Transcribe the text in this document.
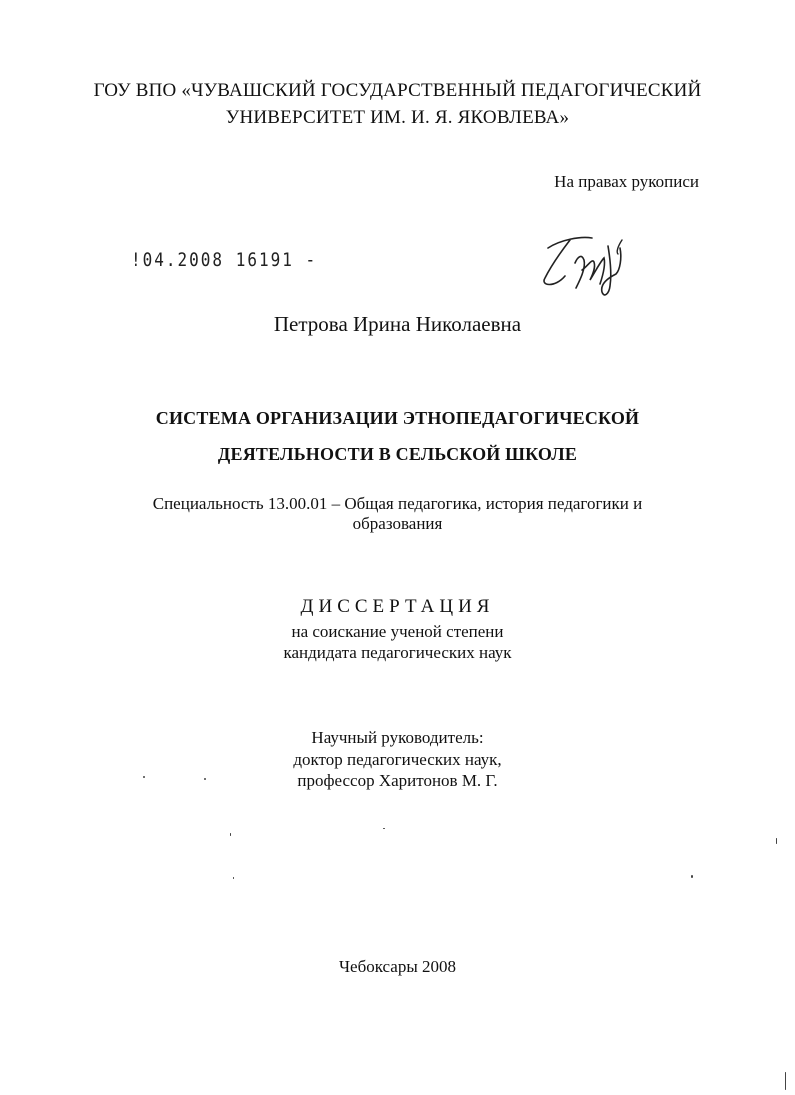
ГОУ ВПО «ЧУВАШСКИЙ ГОСУДАРСТВЕННЫЙ ПЕДАГОГИЧЕСКИЙ
УНИВЕРСИТЕТ ИМ. И. Я. ЯКОВЛЕВА»
На правах рукописи
!04.2008 16191 -
Петрова Ирина Николаевна
СИСТЕМА ОРГАНИЗАЦИИ ЭТНОПЕДАГОГИЧЕСКОЙ
ДЕЯТЕЛЬНОСТИ В СЕЛЬСКОЙ ШКОЛЕ
Специальность 13.00.01 – Общая педагогика, история педагогики и
образования
ДИССЕРТАЦИЯ
на соискание ученой степени
кандидата педагогических наук
Научный руководитель:
доктор педагогических наук,
профессор Харитонов М. Г.
Чебоксары 2008
